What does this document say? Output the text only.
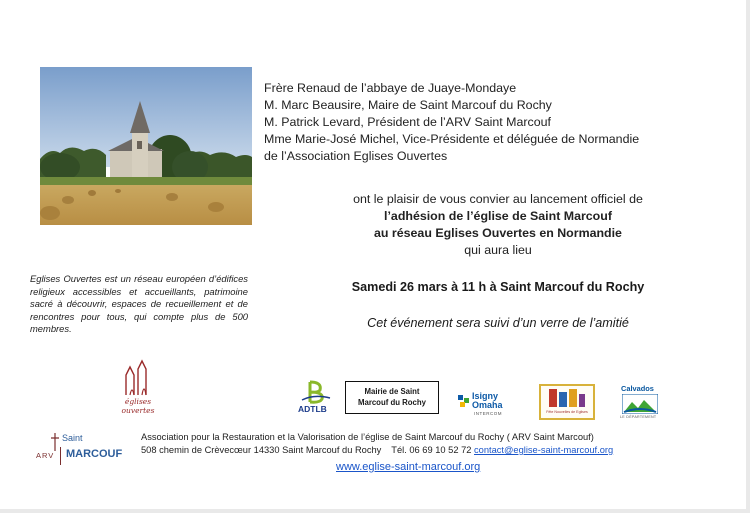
Frère Renaud de l’abbaye de Juaye-Mondaye
M. Marc Beausire, Maire de Saint Marcouf du Rochy
M. Patrick Levard, Président de l’ARV Saint Marcouf
Mme Marie-José Michel, Vice-Présidente et déléguée de Normandie
de l’Association Eglises Ouvertes
ont le plaisir de vous convier au lancement officiel de
l’adhésion de l’église de Saint Marcouf
au réseau Eglises Ouvertes en Normandie
qui aura lieu
Samedi 26 mars à 11 h à Saint Marcouf du Rochy
Cet événement sera suivi d’un verre de l’amitié
Eglises Ouvertes est un réseau européen d’édifices religieux accessibles et accueillants, patrimoine sacré à découvrir, espaces de recueillement et de rencontres pour tous, qui compte plus de 500 membres.
églises ouvertes	ADTLB
Mairie de Saint
Marcouf du Rochy
Isigny
Omaha
INTERCOM	Fête Nouvelles de Eglises
Calvados
LE DÉPARTEMENT
Saint
ARV MARCOUF
Association pour la Restauration et la Valorisation de l’église de Saint Marcouf du Rochy ( ARV Saint Marcouf)
508 chemin de Crèvecœur 14330 Saint Marcouf du Rochy Tél. 06 69 10 52 72 contact@eglise-saint-marcouf.org
www.eglise-saint-marcouf.org
